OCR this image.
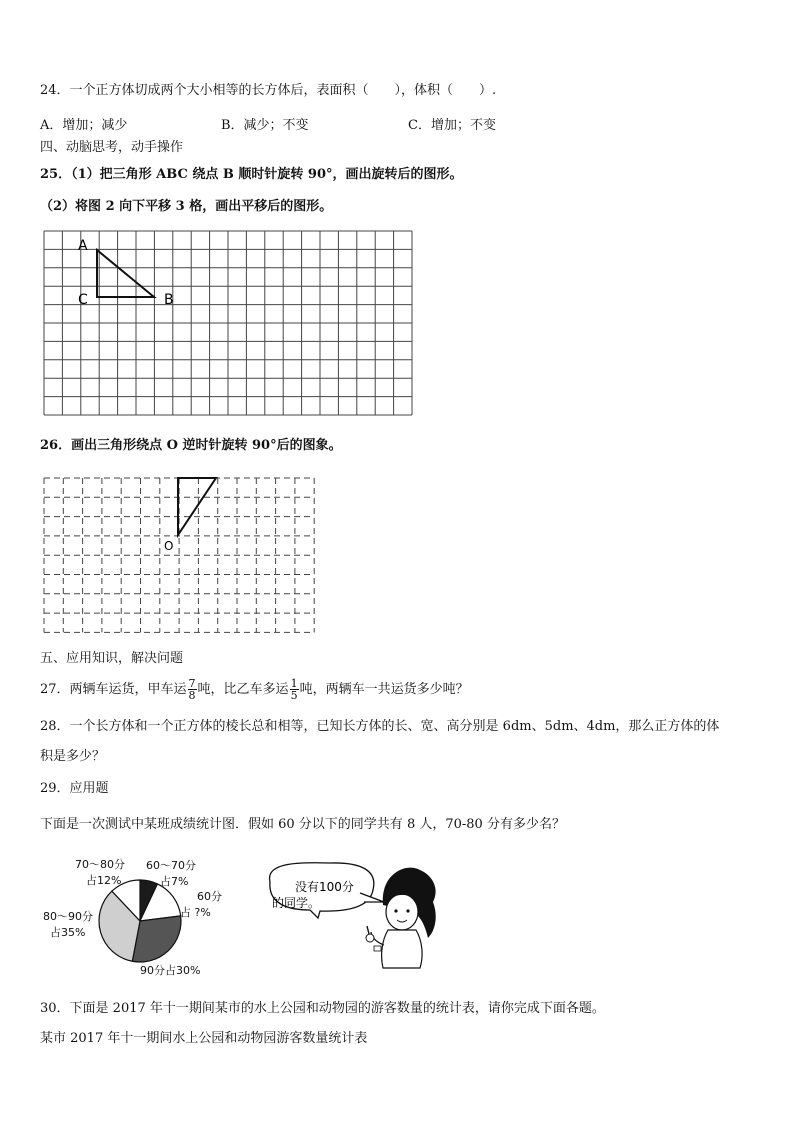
24．一个正方体切成两个大小相等的长方体后，表面积（　　），体积（　　）.
A．增加；减少	B．减少；不变	C．增加；不变
四、动脑思考，动手操作
25．（1）把三角形 ABC 绕点 B 顺时针旋转 90°，画出旋转后的图形。
（2）将图 2 向下平移 3 格，画出平移后的图形。
A
C	B
O
70～80分
占12%
60～70分
占7%
60分
占 ?%
80～90分
占35%
90分占30%
没有100分
的同学。
26．画出三角形绕点 O 逆时针旋转 90°后的图象。
五、应用知识，解决问题
27．两辆车运货，甲车运 $\frac{7}{8}$ 吨，比乙车多运 $\frac{1}{5}$ 吨，两辆车一共运货多少吨？
28．一个长方体和一个正方体的棱长总和相等，已知长方体的长、宽、高分别是 6dm、5dm、4dm，那么正方体的体
积是多少？
29．应用题
下面是一次测试中某班成绩统计图．假如 60 分以下的同学共有 8 人，70-80 分有多少名？
30．下面是 2017 年十一期间某市的水上公园和动物园的游客数量的统计表，请你完成下面各题。
某市 2017 年十一期间水上公园和动物园游客数量统计表
